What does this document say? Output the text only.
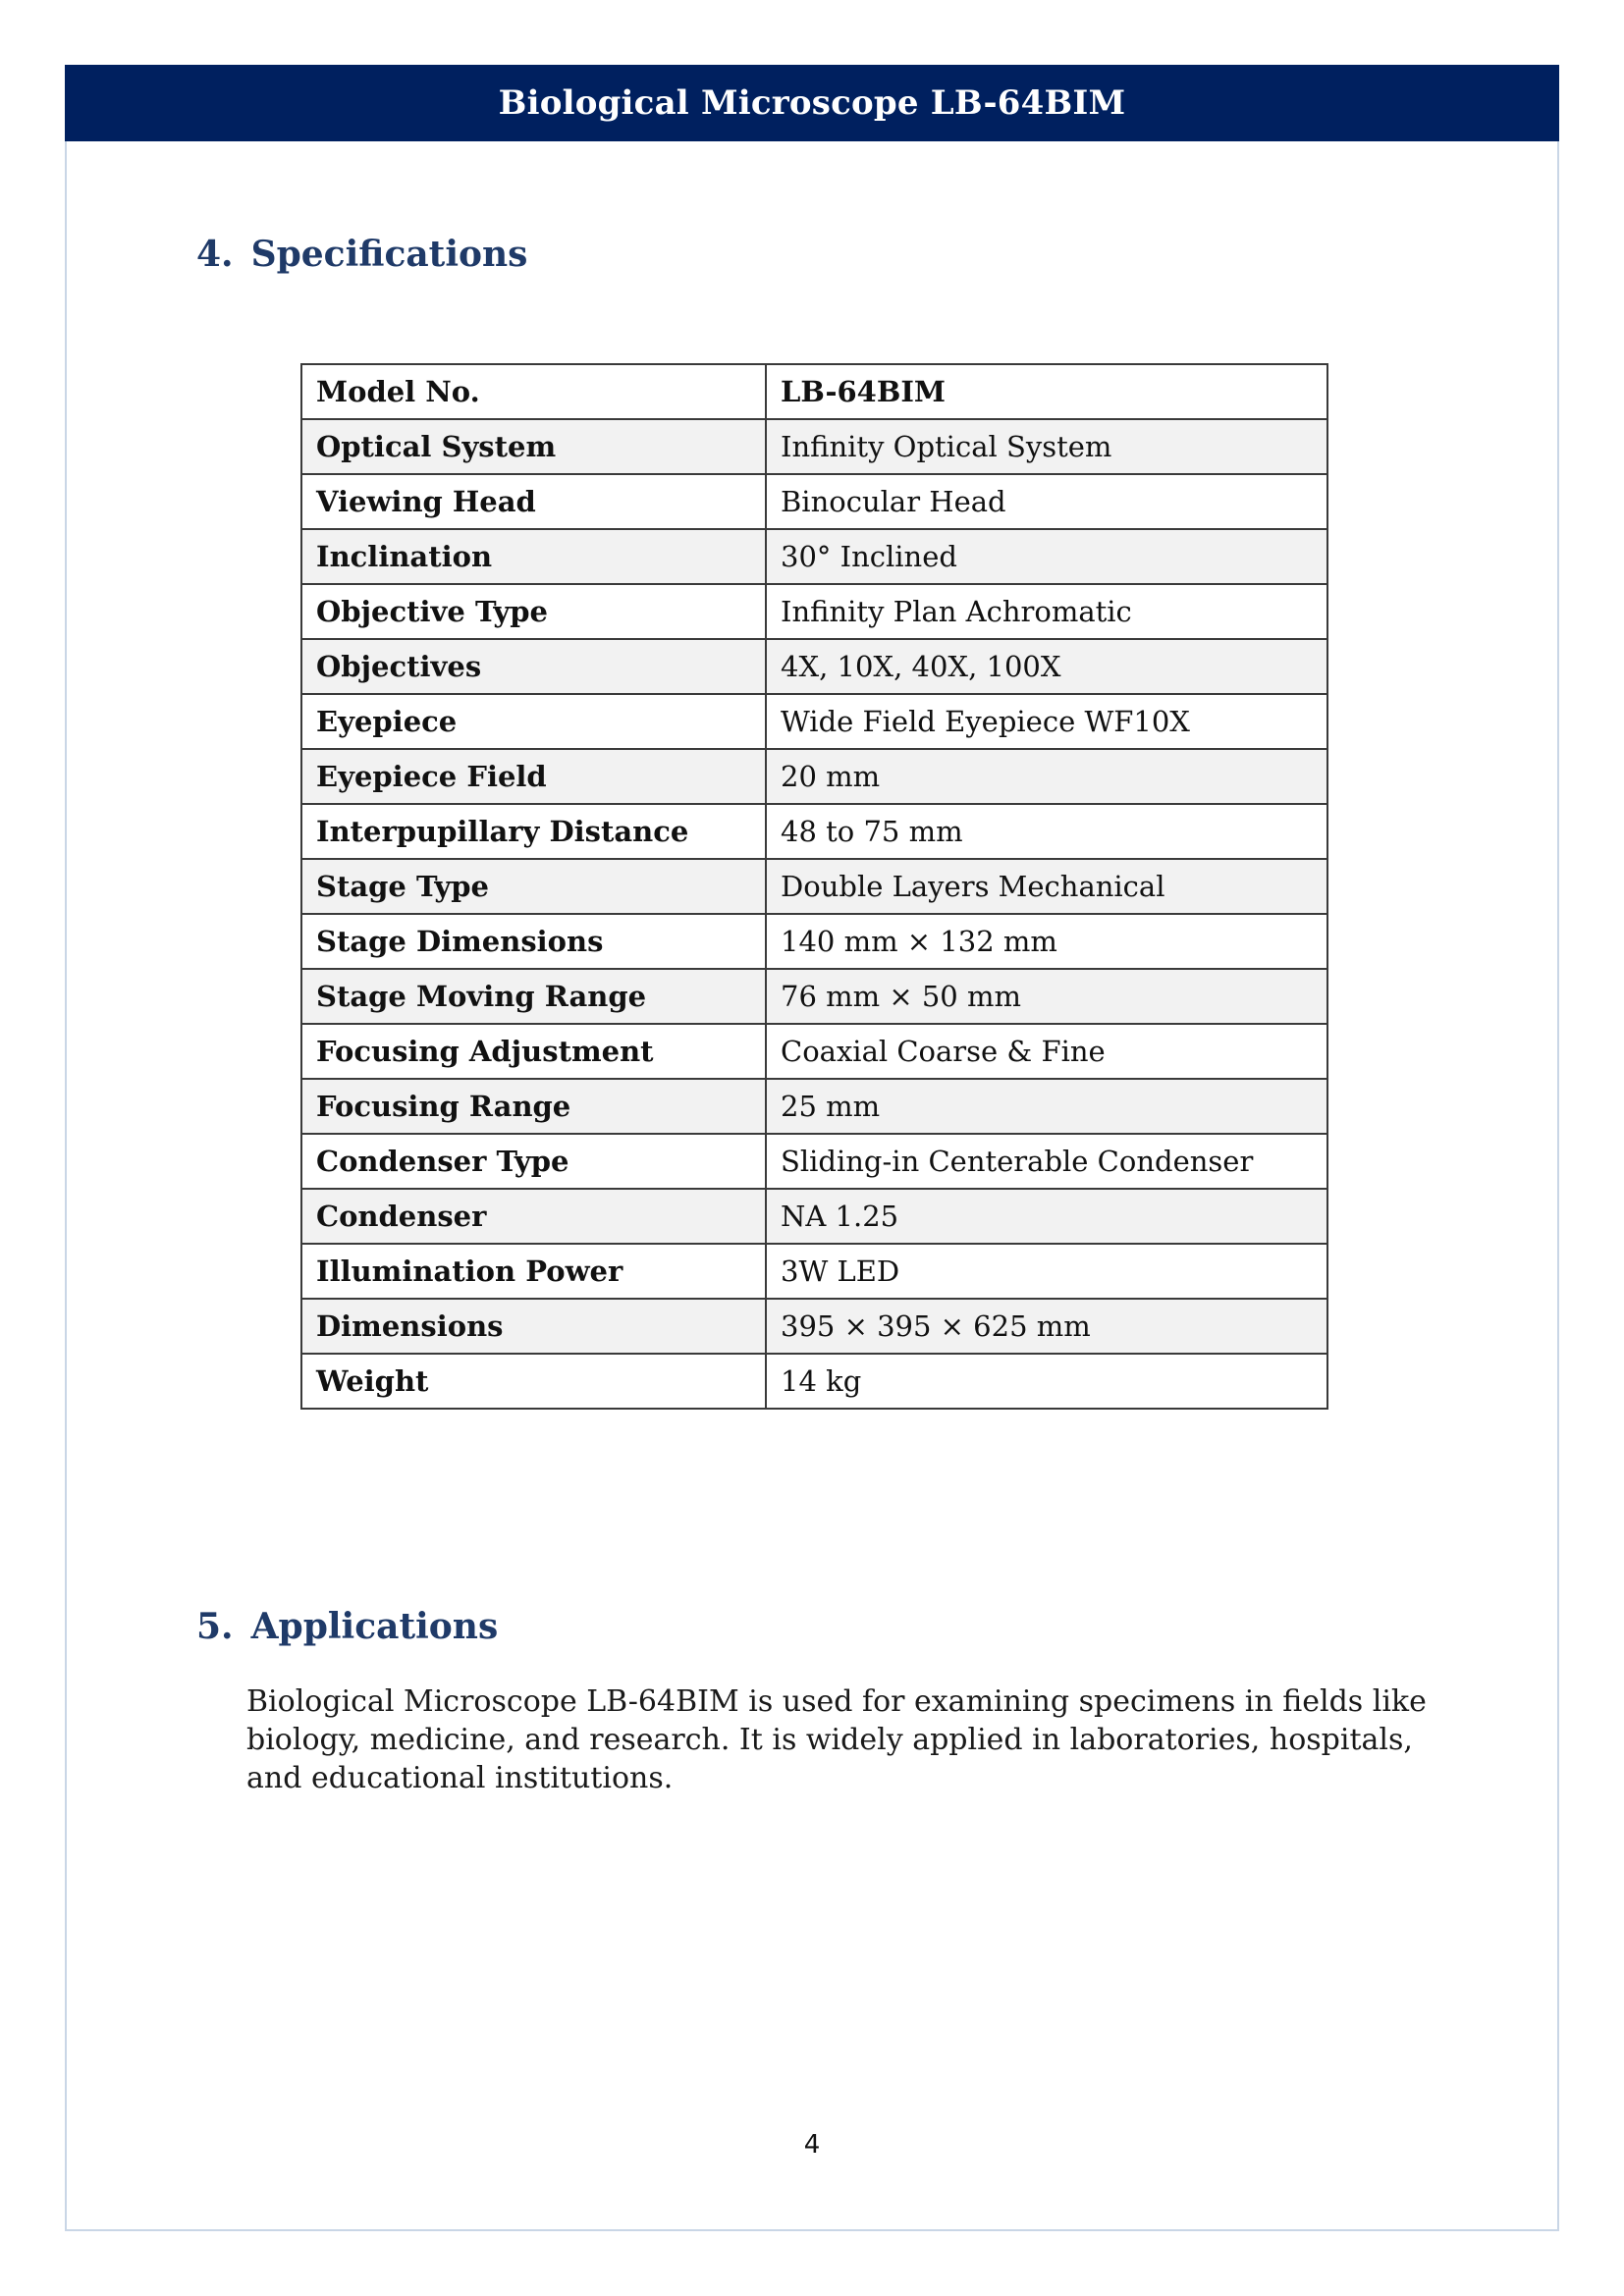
Biological Microscope LB-64BIM
4. Specifications
Model No.	LB-64BIM
Optical System	Infinity Optical System
Viewing Head	Binocular Head
Inclination	30° Inclined
Objective Type	Infinity Plan Achromatic
Objectives	4X, 10X, 40X, 100X
Eyepiece	Wide Field Eyepiece WF10X
Eyepiece Field	20 mm
Interpupillary Distance	48 to 75 mm
Stage Type	Double Layers Mechanical
Stage Dimensions	140 mm × 132 mm
Stage Moving Range	76 mm × 50 mm
Focusing Adjustment	Coaxial Coarse & Fine
Focusing Range	25 mm
Condenser Type	Sliding-in Centerable Condenser
Condenser	NA 1.25
Illumination Power	3W LED
Dimensions	395 × 395 × 625 mm
Weight	14 kg
5. Applications

Biological Microscope LB-64BIM is used for examining specimens in fields like biology, medicine, and research. It is widely applied in laboratories, hospitals, and educational institutions.

4
